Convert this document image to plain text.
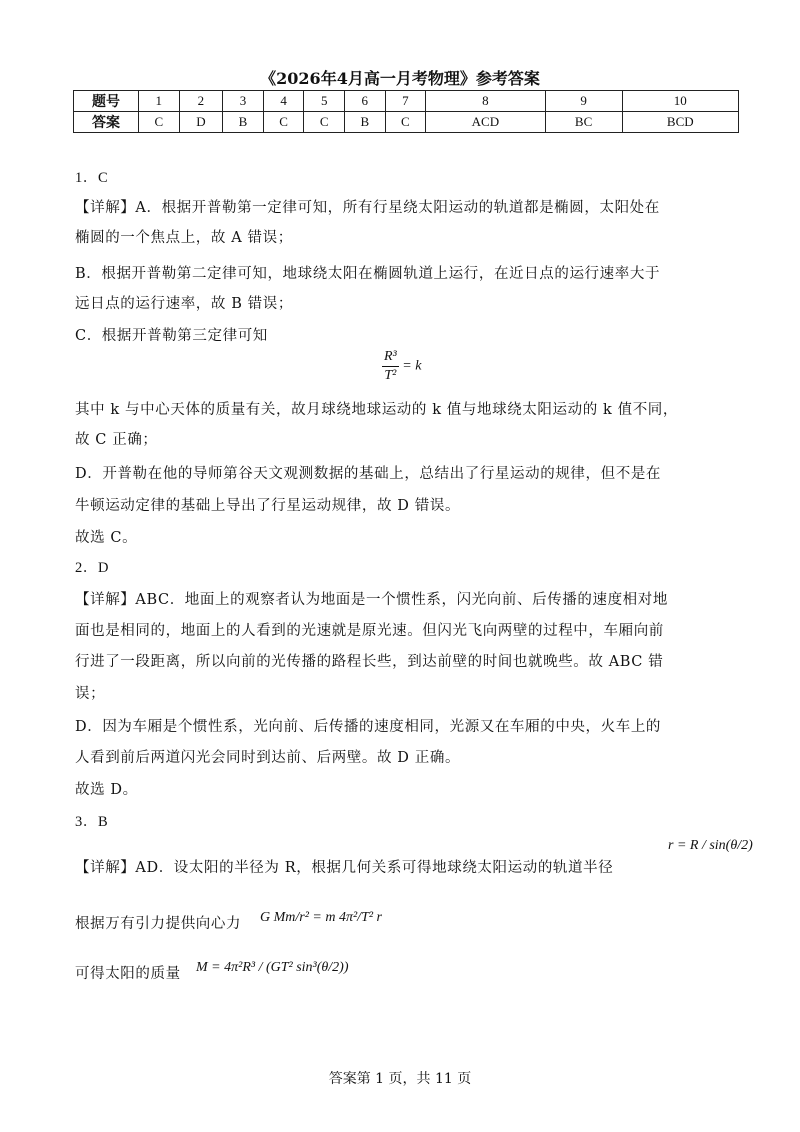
《2026年4月高一月考物理》参考答案
题号	1	2	3	4	5	6	7	8	9	10
答案	C	D	B	C	C	B	C	ACD	BC	BCD
1．C
【详解】A．根据开普勒第一定律可知，所有行星绕太阳运动的轨道都是椭圆，太阳处在
椭圆的一个焦点上，故 A 错误；
B．根据开普勒第二定律可知，地球绕太阳在椭圆轨道上运行，在近日点的运行速率大于
远日点的运行速率，故 B 错误；
C．根据开普勒第三定律可知
$\frac{\text{R³}}{\text{T²}} = k$
其中 k 与中心天体的质量有关，故月球绕地球运动的 k 值与地球绕太阳运动的 k 值不同，
故 C 正确；
D．开普勒在他的导师第谷天文观测数据的基础上，总结出了行星运动的规律，但不是在
牛顿运动定律的基础上导出了行星运动规律，故 D 错误。
故选 C。
2．D
【详解】ABC．地面上的观察者认为地面是一个惯性系，闪光向前、后传播的速度相对地
面也是相同的，地面上的人看到的光速就是原光速。但闪光飞向两壁的过程中，车厢向前
行进了一段距离，所以向前的光传播的路程长些，到达前壁的时间也就晚些。故 ABC 错
误；
D．因为车厢是个惯性系，光向前、后传播的速度相同，光源又在车厢的中央，火车上的
人看到前后两道闪光会同时到达前、后两壁。故 D 正确。
故选 D。
3．B
【详解】AD．设太阳的半径为 R，根据几何关系可得地球绕太阳运动的轨道半径
r = R / sin(θ/2)
根据万有引力提供向心力 G Mm/r² = m 4π²/T² r
可得太阳的质量 M = 4π²R³ / (GT² sin³(θ/2))
答案第 1 页，共 11 页
